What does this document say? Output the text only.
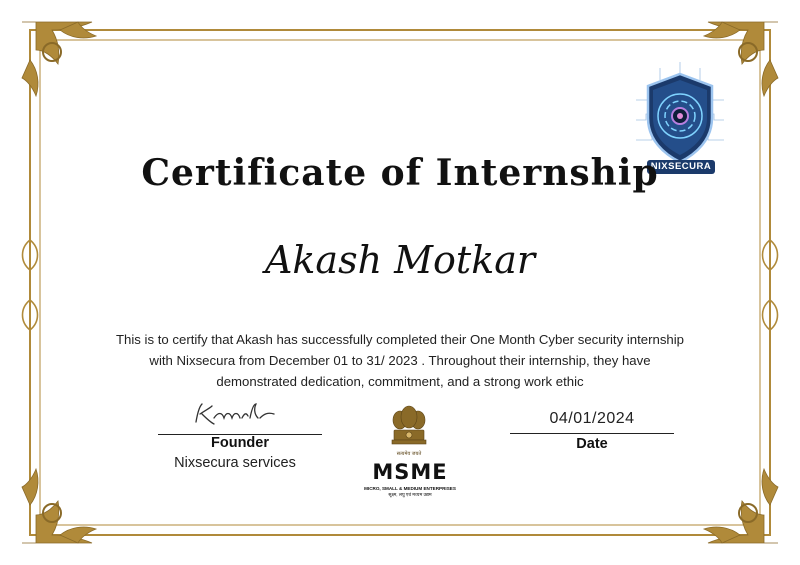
NIXSECURA
Certificate of Internship
Akash Motkar
This is to certify that Akash has successfully completed their One Month Cyber security internship
with Nixsecura from December 01 to 31/ 2023 . Throughout their internship, they have
demonstrated dedication, commitment, and a strong work ethic
Founder
Nixsecura services
04/01/2024
Date
सत्यमेव जयते
MSME
MICRO, SMALL & MEDIUM ENTERPRISES
सूक्ष्म, लघु एवं मध्यम उद्यम
